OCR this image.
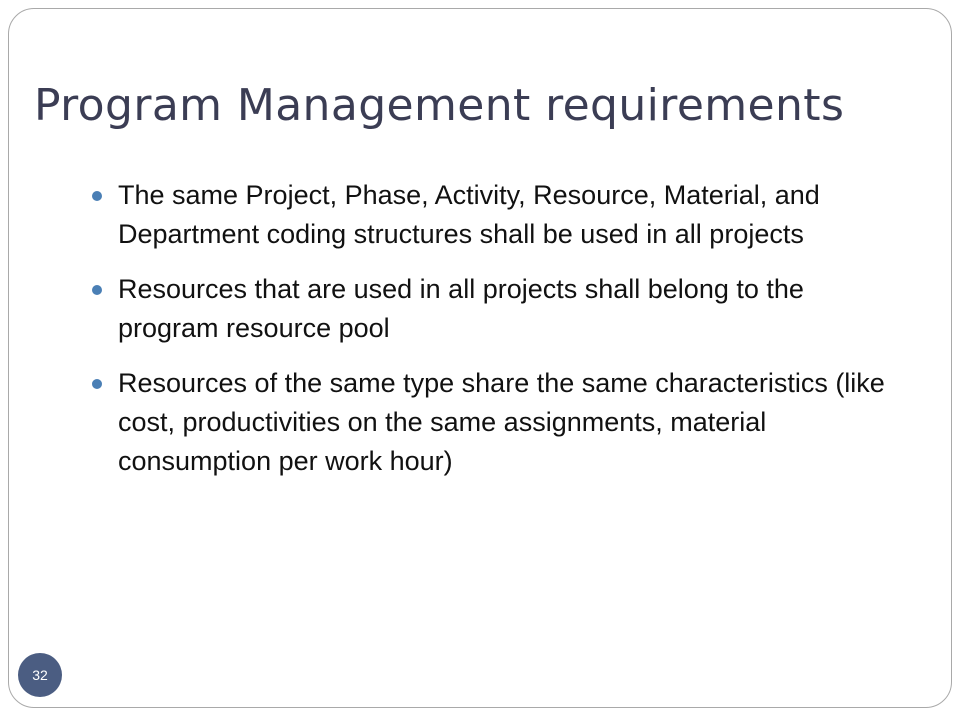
Program Management requirements
The same Project, Phase, Activity, Resource, Material, and Department coding structures shall be used in all projects
Resources that are used in all projects shall belong to the program resource pool
Resources of the same type share the same characteristics (like cost, productivities on the same assignments, material consumption per work hour)
32
